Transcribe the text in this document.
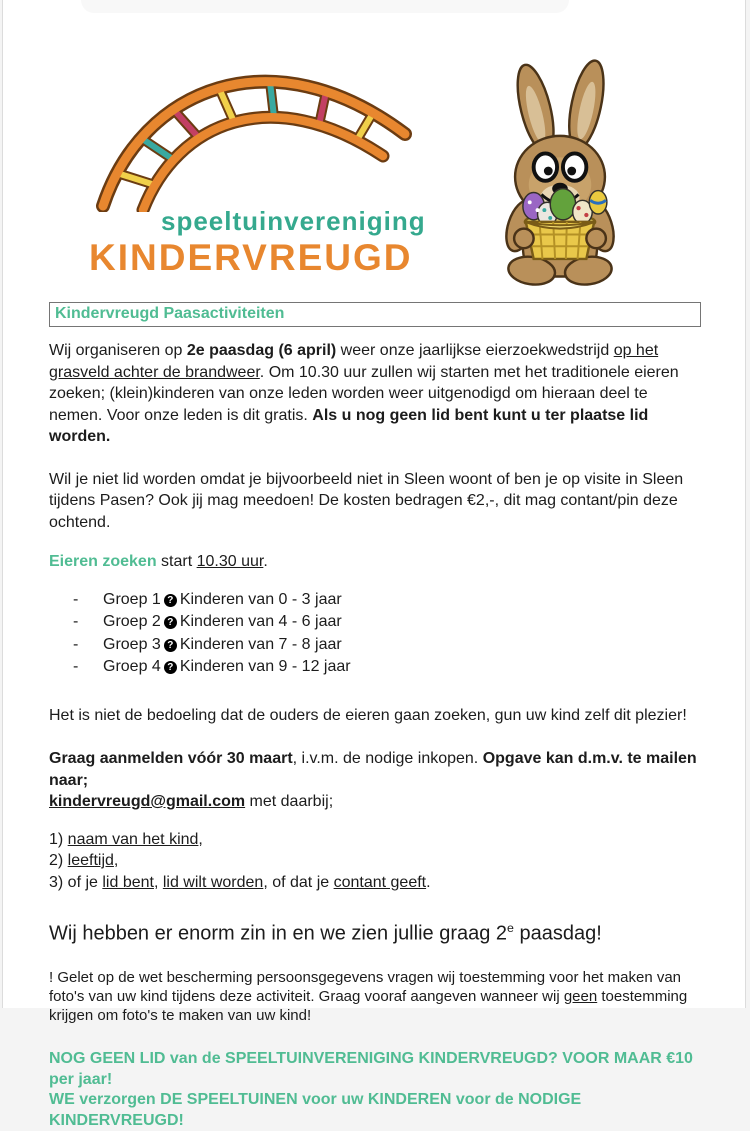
speeltuinvereniging
KINDERVREUGD
Kindervreugd Paasactiviteiten

Wij organiseren op 2e paasdag (6 april) weer onze jaarlijkse eierzoekwedstrijd op het grasveld achter de brandweer. Om 10.30 uur zullen wij starten met het traditionele eieren zoeken; (klein)kinderen van onze leden worden weer uitgenodigd om hieraan deel te nemen. Voor onze leden is dit gratis. Als u nog geen lid bent kunt u ter plaatse lid worden.

Wil je niet lid worden omdat je bijvoorbeeld niet in Sleen woont of ben je op visite in Sleen tijdens Pasen? Ook jij mag meedoen! De kosten bedragen €2,-, dit mag contant/pin deze ochtend.

Eieren zoeken start 10.30 uur.

- Groep 1 ? Kinderen van 0 - 3 jaar
- Groep 2 ? Kinderen van 4 - 6 jaar
- Groep 3 ? Kinderen van 7 - 8 jaar
- Groep 4 ? Kinderen van 9 - 12 jaar

Het is niet de bedoeling dat de ouders de eieren gaan zoeken, gun uw kind zelf dit plezier!

Graag aanmelden vóór 30 maart, i.v.m. de nodige inkopen. Opgave kan d.m.v. te mailen naar;
kindervreugd@gmail.com met daarbij;

1) naam van het kind,
2) leeftijd,
3) of je lid bent, lid wilt worden, of dat je contant geeft.

Wij hebben er enorm zin in en we zien jullie graag 2e paasdag!

! Gelet op de wet bescherming persoonsgegevens vragen wij toestemming voor het maken van foto's van uw kind tijdens deze activiteit. Graag vooraf aangeven wanneer wij geen toestemming krijgen om foto's te maken van uw kind!

NOG GEEN LID van de SPEELTUINVERENIGING KINDERVREUGD? VOOR MAAR €10 per jaar!
WE verzorgen DE SPEELTUINEN voor uw KINDEREN voor de NODIGE KINDERVREUGD!
